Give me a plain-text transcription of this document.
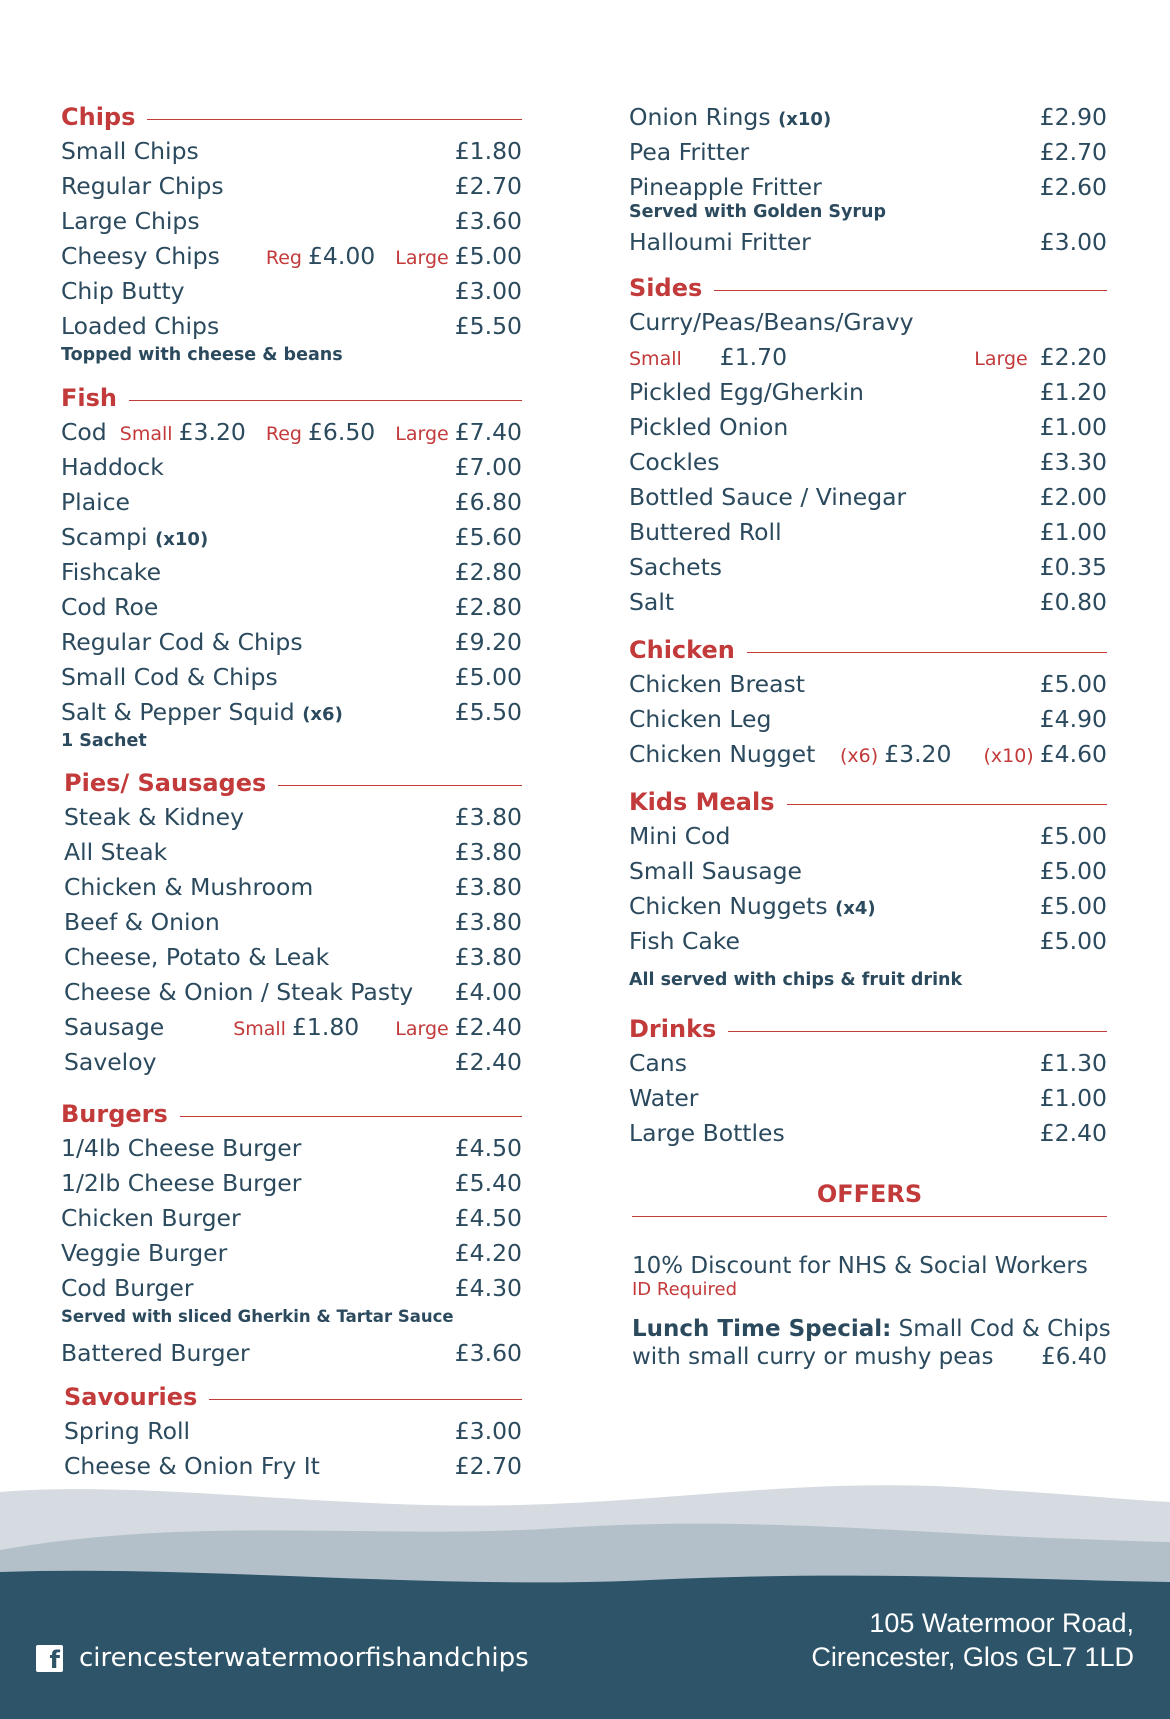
Chips
Small Chips	£1.80
Regular Chips	£2.70
Large Chips	£3.60
Cheesy Chips	Reg £4.00 Large £5.00
Chip Butty	£3.00
Loaded Chips	£5.50
Topped with cheese & beans
Fish
Cod Small £3.20 Reg £6.50 Large £7.40
Haddock	£7.00
Plaice	£6.80
Scampi (x10)	£5.60
Fishcake	£2.80
Cod Roe	£2.80
Regular Cod & Chips	£9.20
Small Cod & Chips	£5.00
Salt & Pepper Squid (x6)	£5.50
1 Sachet
Pies/ Sausages
Steak & Kidney	£3.80
All Steak	£3.80
Chicken & Mushroom	£3.80
Beef & Onion	£3.80
Cheese, Potato & Leak	£3.80
Cheese & Onion / Steak Pasty	£4.00
Sausage	Small £1.80 Large £2.40
Saveloy	£2.40
Burgers
1/4lb Cheese Burger	£4.50
1/2lb Cheese Burger	£5.40
Chicken Burger	£4.50
Veggie Burger	£4.20
Cod Burger	£4.30
Served with sliced Gherkin & Tartar Sauce
Battered Burger	£3.60
Savouries
Spring Roll	£3.00
Cheese & Onion Fry It	£2.70
Onion Rings (x10)	£2.90
Pea Fritter	£2.70
Pineapple Fritter	£2.60
Served with Golden Syrup
Halloumi Fritter	£3.00
Sides
Curry/Peas/Beans/Gravy
Small £1.70	Large £2.20
Pickled Egg/Gherkin	£1.20
Pickled Onion	£1.00
Cockles	£3.30
Bottled Sauce / Vinegar	£2.00
Buttered Roll	£1.00
Sachets	£0.35
Salt	£0.80
Chicken
Chicken Breast	£5.00
Chicken Leg	£4.90
Chicken Nugget	(x6) £3.20 (x10) £4.60
Kids Meals
Mini Cod	£5.00
Small Sausage	£5.00
Chicken Nuggets (x4)	£5.00
Fish Cake	£5.00
All served with chips & fruit drink
Drinks
Cans	£1.30
Water	£1.00
Large Bottles	£2.40
OFFERS
10% Discount for NHS & Social Workers
ID Required
Lunch Time Special: Small Cod & Chips
with small curry or mushy peas	£6.40
f cirencesterwatermoorfishandchips
105 Watermoor Road,
Cirencester, Glos GL7 1LD
